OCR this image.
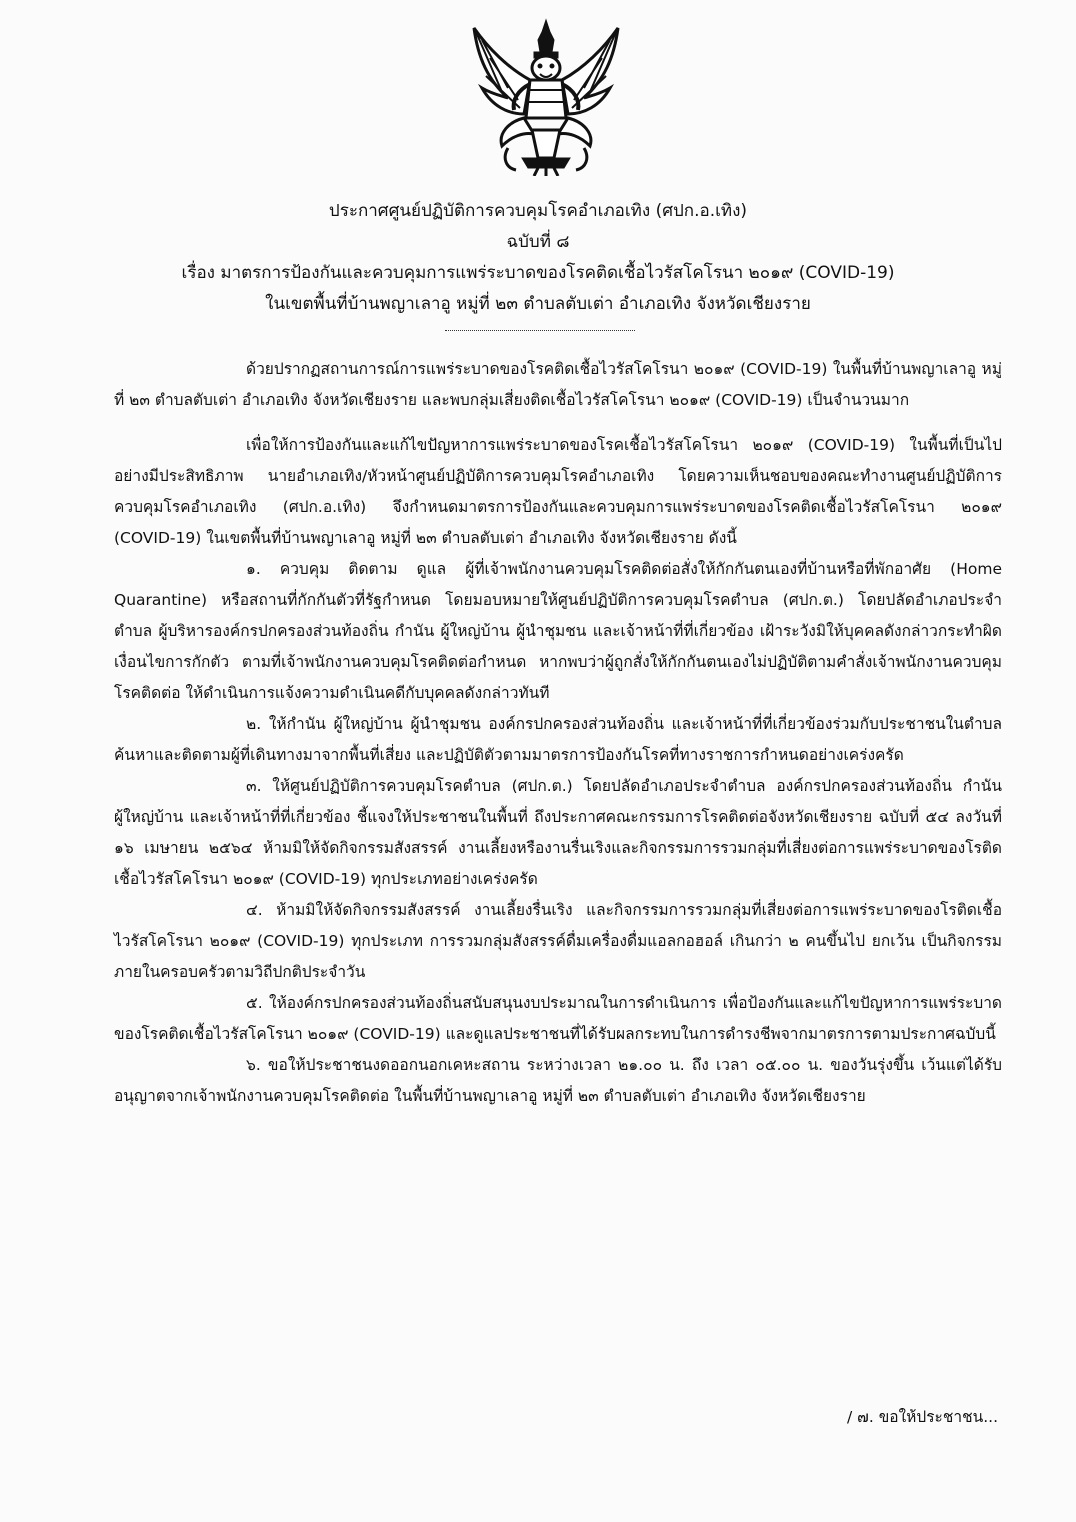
ประกาศศูนย์ปฏิบัติการควบคุมโรคอำเภอเทิง (ศปก.อ.เทิง)
ฉบับที่ ๘
เรื่อง มาตรการป้องกันและควบคุมการแพร่ระบาดของโรคติดเชื้อไวรัสโคโรนา ๒๐๑๙ (COVID-19)
ในเขตพื้นที่บ้านพญาเลาอู หมู่ที่ ๒๓ ตำบลตับเต่า อำเภอเทิง จังหวัดเชียงราย

ด้วยปรากฏสถานการณ์การแพร่ระบาดของโรคติดเชื้อไวรัสโคโรนา ๒๐๑๙ (COVID-19) ในพื้นที่บ้านพญาเลาอู หมู่ที่ ๒๓ ตำบลตับเต่า อำเภอเทิง จังหวัดเชียงราย และพบกลุ่มเสี่ยงติดเชื้อไวรัสโคโรนา ๒๐๑๙ (COVID-19) เป็นจำนวนมาก

เพื่อให้การป้องกันและแก้ไขปัญหาการแพร่ระบาดของโรคเชื้อไวรัสโคโรนา ๒๐๑๙ (COVID-19) ในพื้นที่เป็นไปอย่างมีประสิทธิภาพ นายอำเภอเทิง/หัวหน้าศูนย์ปฏิบัติการควบคุมโรคอำเภอเทิง โดยความเห็นชอบของคณะทำงานศูนย์ปฏิบัติการควบคุมโรคอำเภอเทิง (ศปก.อ.เทิง) จึงกำหนดมาตรการป้องกันและควบคุมการแพร่ระบาดของโรคติดเชื้อไวรัสโคโรนา ๒๐๑๙ (COVID-19) ในเขตพื้นที่บ้านพญาเลาอู หมู่ที่ ๒๓ ตำบลตับเต่า อำเภอเทิง จังหวัดเชียงราย ดังนี้

๑. ควบคุม ติดตาม ดูแล ผู้ที่เจ้าพนักงานควบคุมโรคติดต่อสั่งให้กักกันตนเองที่บ้านหรือที่พักอาศัย (Home Quarantine) หรือสถานที่กักกันตัวที่รัฐกำหนด โดยมอบหมายให้ศูนย์ปฏิบัติการควบคุมโรคตำบล (ศปก.ต.) โดยปลัดอำเภอประจำตำบล ผู้บริหารองค์กรปกครองส่วนท้องถิ่น กำนัน ผู้ใหญ่บ้าน ผู้นำชุมชน และเจ้าหน้าที่ที่เกี่ยวข้อง เฝ้าระวังมิให้บุคคลดังกล่าวกระทำผิดเงื่อนไขการกักตัว ตามที่เจ้าพนักงานควบคุมโรคติดต่อกำหนด หากพบว่าผู้ถูกสั่งให้กักกันตนเองไม่ปฏิบัติตามคำสั่งเจ้าพนักงานควบคุมโรคติดต่อ ให้ดำเนินการแจ้งความดำเนินคดีกับบุคคลดังกล่าวทันที

๒. ให้กำนัน ผู้ใหญ่บ้าน ผู้นำชุมชน องค์กรปกครองส่วนท้องถิ่น และเจ้าหน้าที่ที่เกี่ยวข้องร่วมกับประชาชนในตำบล ค้นหาและติดตามผู้ที่เดินทางมาจากพื้นที่เสี่ยง และปฏิบัติตัวตามมาตรการป้องกันโรคที่ทางราชการกำหนดอย่างเคร่งครัด

๓. ให้ศูนย์ปฏิบัติการควบคุมโรคตำบล (ศปก.ต.) โดยปลัดอำเภอประจำตำบล องค์กรปกครองส่วนท้องถิ่น กำนัน ผู้ใหญ่บ้าน และเจ้าหน้าที่ที่เกี่ยวข้อง ชี้แจงให้ประชาชนในพื้นที่ ถึงประกาศคณะกรรมการโรคติดต่อจังหวัดเชียงราย ฉบับที่ ๕๔ ลงวันที่ ๑๖ เมษายน ๒๕๖๔ ห้ามมิให้จัดกิจกรรมสังสรรค์ งานเลี้ยงหรืองานรื่นเริงและกิจกรรมการรวมกลุ่มที่เสี่ยงต่อการแพร่ระบาดของโรติดเชื้อไวรัสโคโรนา ๒๐๑๙ (COVID-19) ทุกประเภทอย่างเคร่งครัด

๔. ห้ามมิให้จัดกิจกรรมสังสรรค์ งานเลี้ยงรื่นเริง และกิจกรรมการรวมกลุ่มที่เสี่ยงต่อการแพร่ระบาดของโรติดเชื้อไวรัสโคโรนา ๒๐๑๙ (COVID-19) ทุกประเภท การรวมกลุ่มสังสรรค์ดื่มเครื่องดื่มแอลกอฮอล์ เกินกว่า ๒ คนขึ้นไป ยกเว้น เป็นกิจกรรมภายในครอบครัวตามวิถีปกติประจำวัน

๕. ให้องค์กรปกครองส่วนท้องถิ่นสนับสนุนงบประมาณในการดำเนินการ เพื่อป้องกันและแก้ไขปัญหาการแพร่ระบาดของโรคติดเชื้อไวรัสโคโรนา ๒๐๑๙ (COVID-19) และดูแลประชาชนที่ได้รับผลกระทบในการดำรงชีพจากมาตรการตามประกาศฉบับนี้

๖. ขอให้ประชาชนงดออกนอกเคหะสถาน ระหว่างเวลา ๒๑.๐๐ น. ถึง เวลา ๐๕.๐๐ น. ของวันรุ่งขึ้น เว้นแต่ได้รับอนุญาตจากเจ้าพนักงานควบคุมโรคติดต่อ ในพื้นที่บ้านพญาเลาอู หมู่ที่ ๒๓ ตำบลตับเต่า อำเภอเทิง จังหวัดเชียงราย

/ ๗. ขอให้ประชาชน...
